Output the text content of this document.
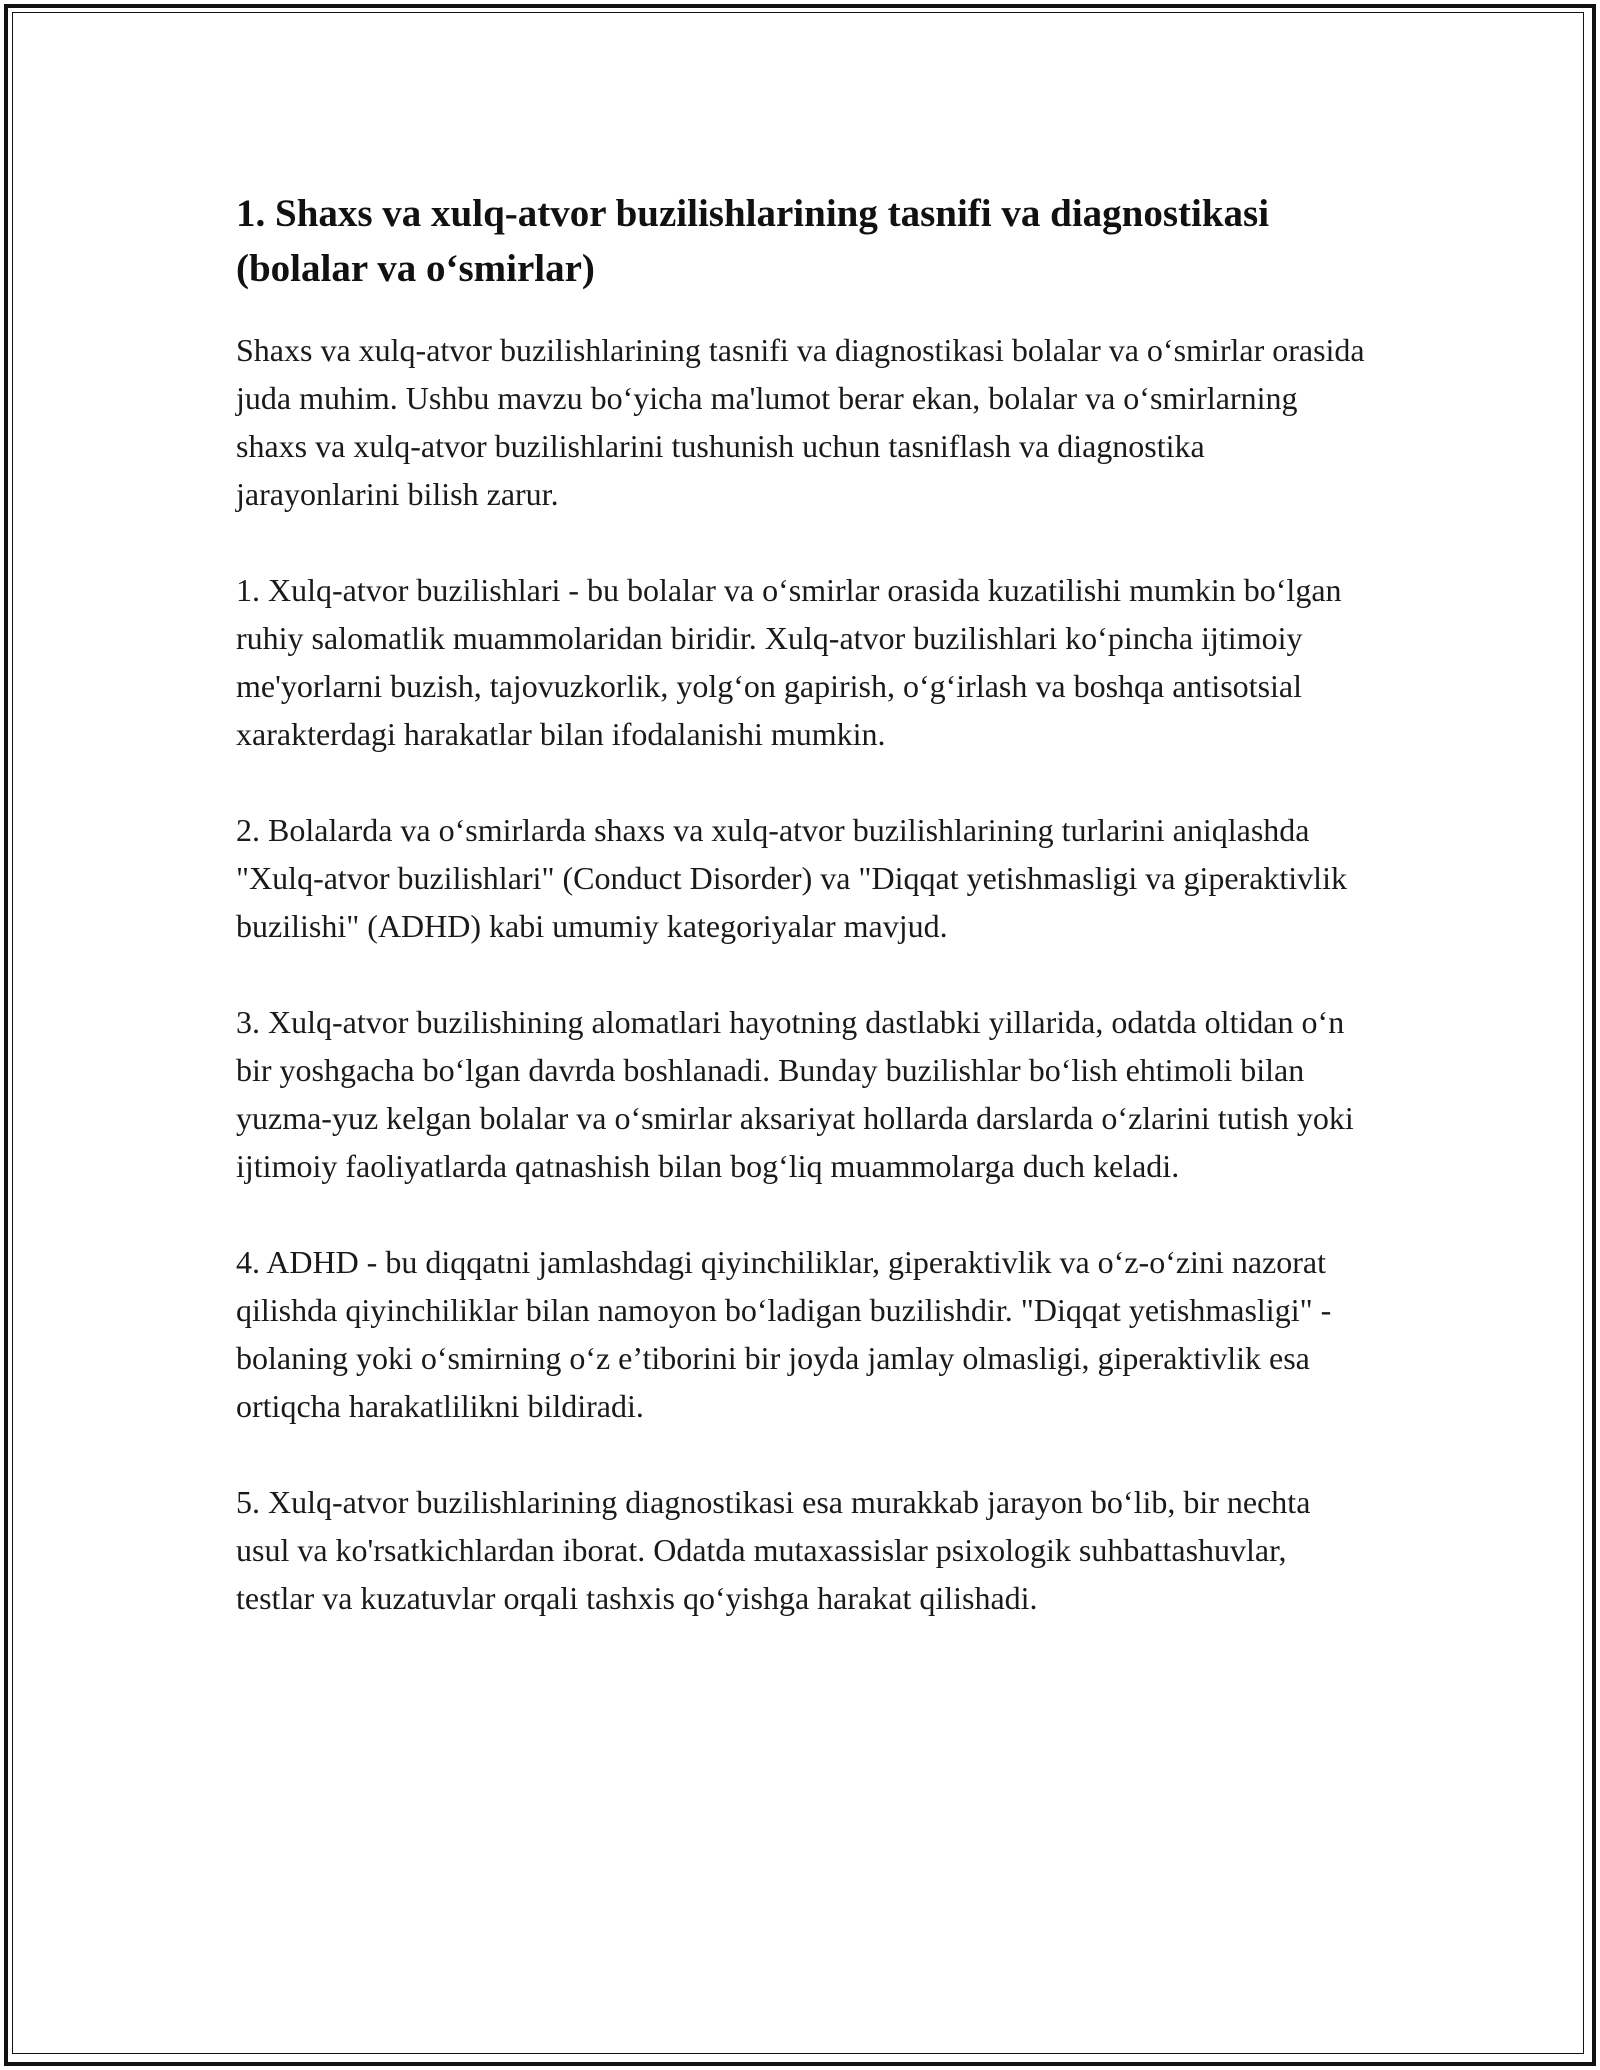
1. Shaxs va xulq-atvor buzilishlarining tasnifi va diagnostikasi (bolalar va o‘smirlar)

Shaxs va xulq-atvor buzilishlarining tasnifi va diagnostikasi bolalar va o‘smirlar orasida juda muhim. Ushbu mavzu bo‘yicha ma'lumot berar ekan, bolalar va o‘smirlarning shaxs va xulq-atvor buzilishlarini tushunish uchun tasniflash va diagnostika jarayonlarini bilish zarur.

1. Xulq-atvor buzilishlari - bu bolalar va o‘smirlar orasida kuzatilishi mumkin bo‘lgan ruhiy salomatlik muammolaridan biridir. Xulq-atvor buzilishlari ko‘pincha ijtimoiy me'yorlarni buzish, tajovuzkorlik, yolg‘on gapirish, o‘g‘irlash va boshqa antisotsial xarakterdagi harakatlar bilan ifodalanishi mumkin.

2. Bolalarda va o‘smirlarda shaxs va xulq-atvor buzilishlarining turlarini aniqlashda "Xulq-atvor buzilishlari" (Conduct Disorder) va "Diqqat yetishmasligi va giperaktivlik buzilishi" (ADHD) kabi umumiy kategoriyalar mavjud.

3. Xulq-atvor buzilishining alomatlari hayotning dastlabki yillarida, odatda oltidan o‘n bir yoshgacha bo‘lgan davrda boshlanadi. Bunday buzilishlar bo‘lish ehtimoli bilan yuzma-yuz kelgan bolalar va o‘smirlar aksariyat hollarda darslarda o‘zlarini tutish yoki ijtimoiy faoliyatlarda qatnashish bilan bog‘liq muammolarga duch keladi.

4. ADHD - bu diqqatni jamlashdagi qiyinchiliklar, giperaktivlik va o‘z-o‘zini nazorat qilishda qiyinchiliklar bilan namoyon bo‘ladigan buzilishdir. "Diqqat yetishmasligi" - bolaning yoki o‘smirning o‘z e’tiborini bir joyda jamlay olmasligi, giperaktivlik esa ortiqcha harakatlilikni bildiradi.

5. Xulq-atvor buzilishlarining diagnostikasi esa murakkab jarayon bo‘lib, bir nechta usul va ko'rsatkichlardan iborat. Odatda mutaxassislar psixologik suhbattashuvlar, testlar va kuzatuvlar orqali tashxis qo‘yishga harakat qilishadi.
